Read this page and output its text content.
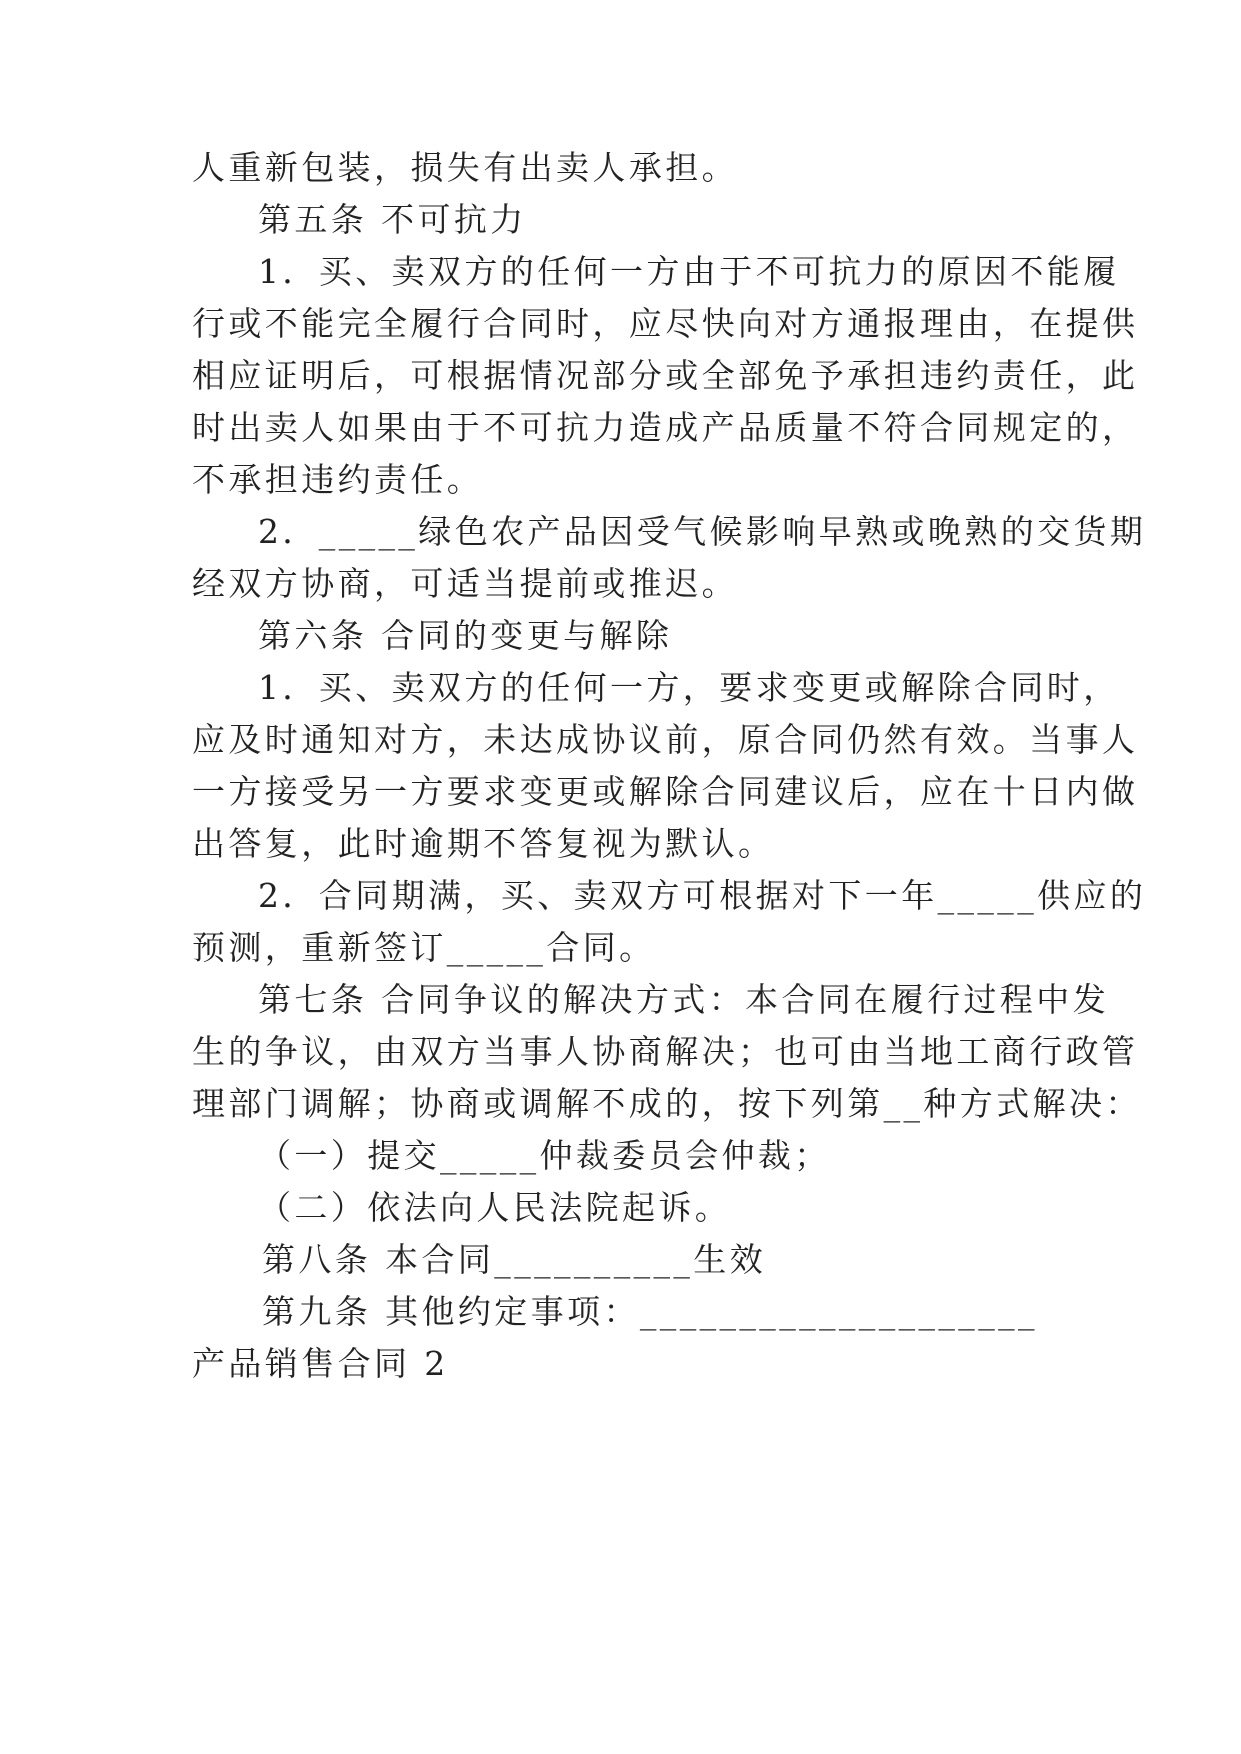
人重新包装，损失有出卖人承担。
第五条 不可抗力
1．买、卖双方的任何一方由于不可抗力的原因不能履
行或不能完全履行合同时，应尽快向对方通报理由，在提供
相应证明后，可根据情况部分或全部免予承担违约责任，此
时出卖人如果由于不可抗力造成产品质量不符合同规定的，
不承担违约责任。
2．_____绿色农产品因受气候影响早熟或晚熟的交货期
经双方协商，可适当提前或推迟。
第六条 合同的变更与解除
1．买、卖双方的任何一方，要求变更或解除合同时，
应及时通知对方，未达成协议前，原合同仍然有效。当事人
一方接受另一方要求变更或解除合同建议后，应在十日内做
出答复，此时逾期不答复视为默认。
2．合同期满，买、卖双方可根据对下一年_____供应的
预测，重新签订_____合同。
第七条 合同争议的解决方式：本合同在履行过程中发
生的争议，由双方当事人协商解决；也可由当地工商行政管
理部门调解；协商或调解不成的，按下列第__种方式解决：
（一）提交_____仲裁委员会仲裁；
（二）依法向人民法院起诉。
第八条 本合同__________生效
第九条 其他约定事项：____________________
产品销售合同 2
